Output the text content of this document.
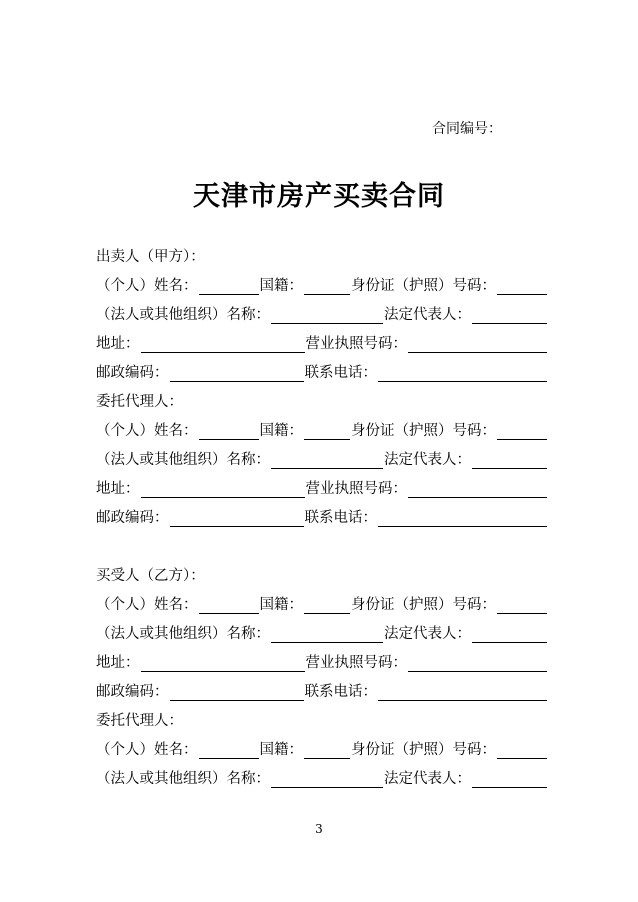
合同编号：
天津市房产买卖合同
出卖人（甲方）：
（个人）姓名：	国籍：	身份证（护照）号码：
（法人或其他组织）名称：	法定代表人：
地址：	营业执照号码：
邮政编码：	联系电话：
委托代理人：
（个人）姓名：	国籍：	身份证（护照）号码：
（法人或其他组织）名称：	法定代表人：
地址：	营业执照号码：
邮政编码：	联系电话：
买受人（乙方）：
（个人）姓名：	国籍：	身份证（护照）号码：
（法人或其他组织）名称：	法定代表人：
地址：	营业执照号码：
邮政编码：	联系电话：
委托代理人：
（个人）姓名：	国籍：	身份证（护照）号码：
（法人或其他组织）名称：	法定代表人：
3
